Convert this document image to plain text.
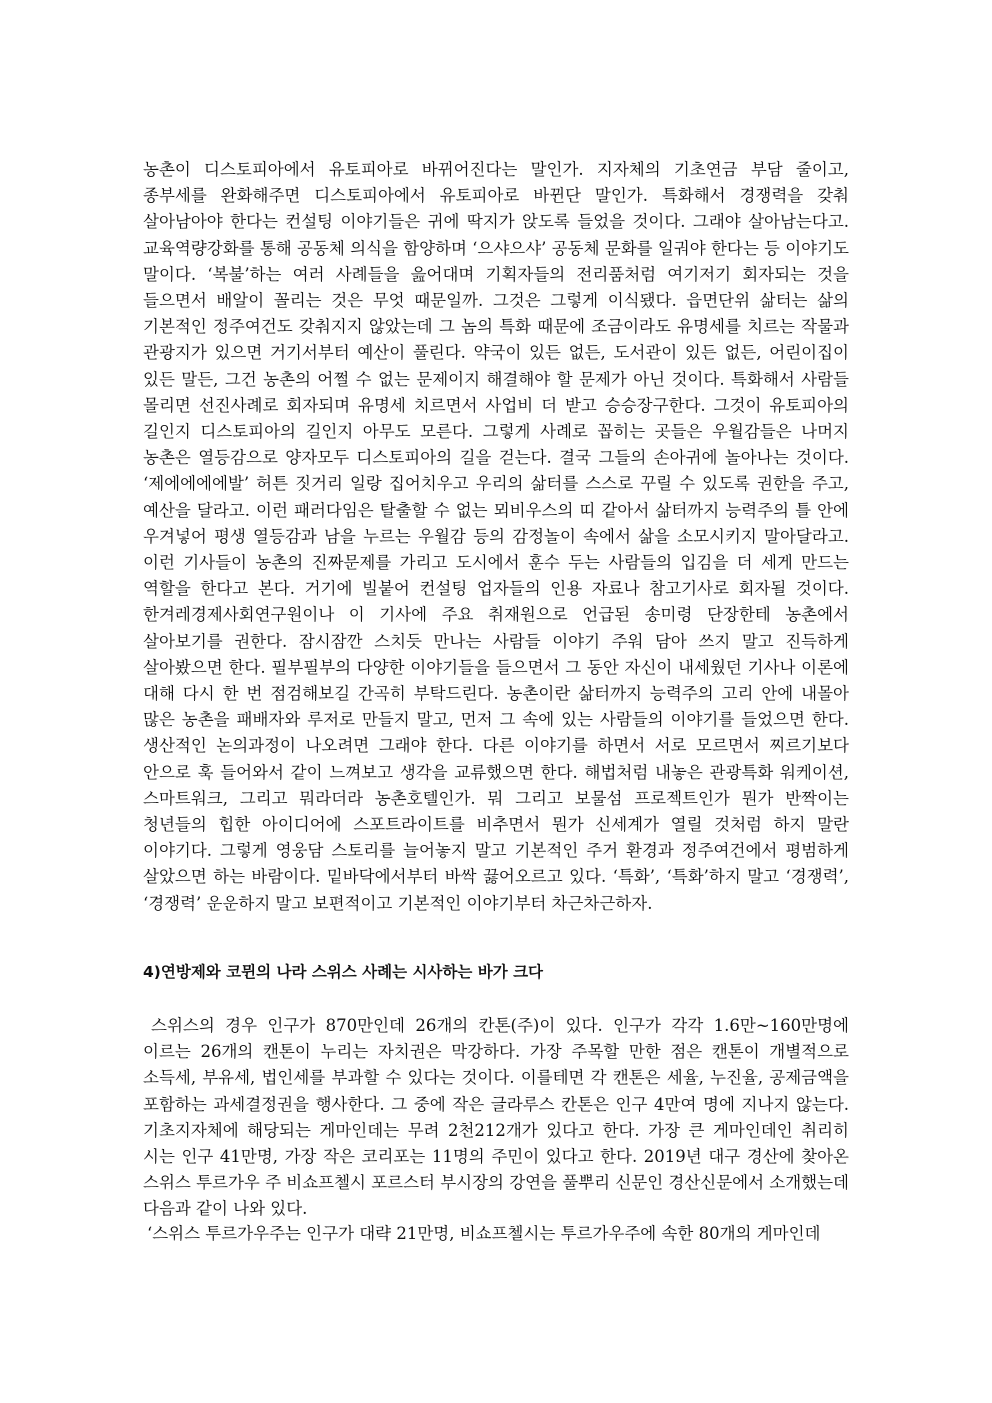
농촌이 디스토피아에서 유토피아로 바뀌어진다는 말인가. 지자체의 기초연금 부담 줄이고, 종부세를 완화해주면 디스토피아에서 유토피아로 바뀐단 말인가. 특화해서 경쟁력을 갖춰 살아남아야 한다는 컨설팅 이야기들은 귀에 딱지가 앉도록 들었을 것이다. 그래야 살아남는다고. 교육역량강화를 통해 공동체 의식을 함양하며 ‘으샤으샤’ 공동체 문화를 일궈야 한다는 등 이야기도 말이다. ‘복불’하는 여러 사례들을 읊어대며 기획자들의 전리품처럼 여기저기 회자되는 것을 들으면서 배알이 꼴리는 것은 무엇 때문일까. 그것은 그렇게 이식됐다. 읍면단위 삶터는 삶의 기본적인 정주여건도 갖춰지지 않았는데 그 놈의 특화 때문에 조금이라도 유명세를 치르는 작물과 관광지가 있으면 거기서부터 예산이 풀린다. 약국이 있든 없든, 도서관이 있든 없든, 어린이집이 있든 말든, 그건 농촌의 어쩔 수 없는 문제이지 해결해야 할 문제가 아닌 것이다. 특화해서 사람들 몰리면 선진사례로 회자되며 유명세 치르면서 사업비 더 받고 승승장구한다. 그것이 유토피아의 길인지 디스토피아의 길인지 아무도 모른다. 그렇게 사례로 꼽히는 곳들은 우월감들은 나머지 농촌은 열등감으로 양자모두 디스토피아의 길을 걷는다. 결국 그들의 손아귀에 놀아나는 것이다. ‘제에에에에발’ 허튼 짓거리 일랑 집어치우고 우리의 삶터를 스스로 꾸릴 수 있도록 권한을 주고, 예산을 달라고. 이런 패러다임은 탈출할 수 없는 뫼비우스의 띠 같아서 삶터까지 능력주의 틀 안에 우겨넣어 평생 열등감과 남을 누르는 우월감 등의 감정놀이 속에서 삶을 소모시키지 말아달라고. 이런 기사들이 농촌의 진짜문제를 가리고 도시에서 훈수 두는 사람들의 입김을 더 세게 만드는 역할을 한다고 본다. 거기에 빌붙어 컨설팅 업자들의 인용 자료나 참고기사로 회자될 것이다. 한겨레경제사회연구원이나 이 기사에 주요 취재원으로 언급된 송미령 단장한테 농촌에서 살아보기를 권한다. 잠시잠깐 스치듯 만나는 사람들 이야기 주워 담아 쓰지 말고 진득하게 살아봤으면 한다. 필부필부의 다양한 이야기들을 들으면서 그 동안 자신이 내세웠던 기사나 이론에 대해 다시 한 번 점검해보길 간곡히 부탁드린다. 농촌이란 삶터까지 능력주의 고리 안에 내몰아 많은 농촌을 패배자와 루저로 만들지 말고, 먼저 그 속에 있는 사람들의 이야기를 들었으면 한다. 생산적인 논의과정이 나오려면 그래야 한다. 다른 이야기를 하면서 서로 모르면서 찌르기보다 안으로 훅 들어와서 같이 느껴보고 생각을 교류했으면 한다. 해법처럼 내놓은 관광특화 워케이션, 스마트워크, 그리고 뭐라더라 농촌호텔인가. 뭐 그리고 보물섬 프로젝트인가 뭔가 반짝이는 청년들의 힙한 아이디어에 스포트라이트를 비추면서 뭔가 신세계가 열릴 것처럼 하지 말란 이야기다. 그렇게 영웅담 스토리를 늘어놓지 말고 기본적인 주거 환경과 정주여건에서 평범하게 살았으면 하는 바람이다. 밑바닥에서부터 바싹 끓어오르고 있다. ‘특화’, ‘특화’하지 말고 ‘경쟁력’, ‘경쟁력’ 운운하지 말고 보편적이고 기본적인 이야기부터 차근차근하자.

4)연방제와 코뮌의 나라 스위스 사례는 시사하는 바가 크다

스위스의 경우 인구가 870만인데 26개의 칸톤(주)이 있다. 인구가 각각 1.6만~160만명에 이르는 26개의 캔톤이 누리는 자치권은 막강하다. 가장 주목할 만한 점은 캔톤이 개별적으로 소득세, 부유세, 법인세를 부과할 수 있다는 것이다. 이를테면 각 캔톤은 세율, 누진율, 공제금액을 포함하는 과세결정권을 행사한다. 그 중에 작은 글라루스 칸톤은 인구 4만여 명에 지나지 않는다. 기초지자체에 해당되는 게마인데는 무려 2천212개가 있다고 한다. 가장 큰 게마인데인 취리히 시는 인구 41만명, 가장 작은 코리포는 11명의 주민이 있다고 한다. 2019년 대구 경산에 찾아온 스위스 투르가우 주 비쇼프첼시 포르스터 부시장의 강연을 풀뿌리 신문인 경산신문에서 소개했는데 다음과 같이 나와 있다.

‘스위스 투르가우주는 인구가 대략 21만명, 비쇼프첼시는 투르가우주에 속한 80개의 게마인데
